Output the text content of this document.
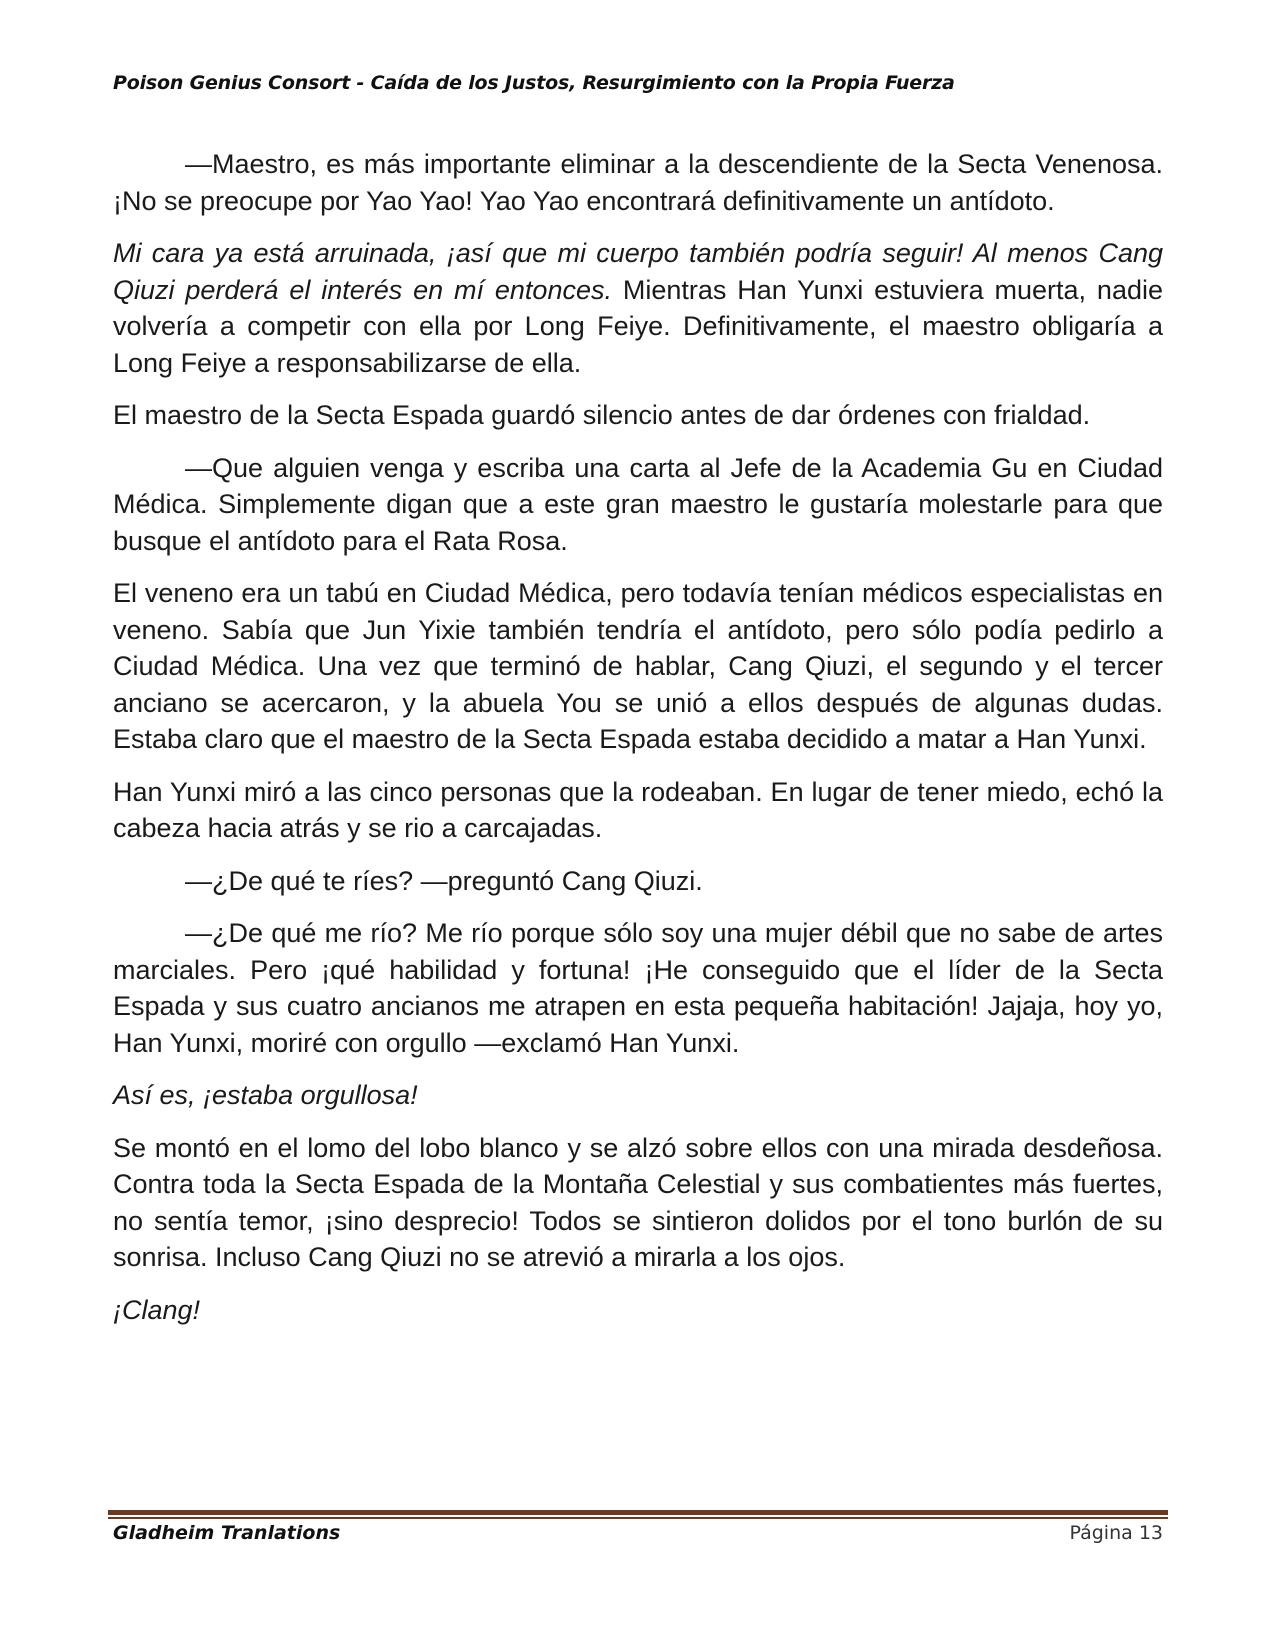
Poison Genius Consort - Caída de los Justos, Resurgimiento con la Propia Fuerza

—Maestro, es más importante eliminar a la descendiente de la Secta Venenosa. ¡No se preocupe por Yao Yao! Yao Yao encontrará definitivamente un antídoto.

Mi cara ya está arruinada, ¡así que mi cuerpo también podría seguir! Al menos Cang Qiuzi perderá el interés en mí entonces. Mientras Han Yunxi estuviera muerta, nadie volvería a competir con ella por Long Feiye. Definitivamente, el maestro obligaría a Long Feiye a responsabilizarse de ella.

El maestro de la Secta Espada guardó silencio antes de dar órdenes con frialdad.

—Que alguien venga y escriba una carta al Jefe de la Academia Gu en Ciudad Médica. Simplemente digan que a este gran maestro le gustaría molestarle para que busque el antídoto para el Rata Rosa.

El veneno era un tabú en Ciudad Médica, pero todavía tenían médicos especialistas en veneno. Sabía que Jun Yixie también tendría el antídoto, pero sólo podía pedirlo a Ciudad Médica. Una vez que terminó de hablar, Cang Qiuzi, el segundo y el tercer anciano se acercaron, y la abuela You se unió a ellos después de algunas dudas. Estaba claro que el maestro de la Secta Espada estaba decidido a matar a Han Yunxi.

Han Yunxi miró a las cinco personas que la rodeaban. En lugar de tener miedo, echó la cabeza hacia atrás y se rio a carcajadas.

—¿De qué te ríes? —preguntó Cang Qiuzi.

—¿De qué me río? Me río porque sólo soy una mujer débil que no sabe de artes marciales. Pero ¡qué habilidad y fortuna! ¡He conseguido que el líder de la Secta Espada y sus cuatro ancianos me atrapen en esta pequeña habitación! Jajaja, hoy yo, Han Yunxi, moriré con orgullo —exclamó Han Yunxi.

Así es, ¡estaba orgullosa!

Se montó en el lomo del lobo blanco y se alzó sobre ellos con una mirada desdeñosa. Contra toda la Secta Espada de la Montaña Celestial y sus combatientes más fuertes, no sentía temor, ¡sino desprecio! Todos se sintieron dolidos por el tono burlón de su sonrisa. Incluso Cang Qiuzi no se atrevió a mirarla a los ojos.

¡Clang!

Gladheim Tranlations	Página 13
